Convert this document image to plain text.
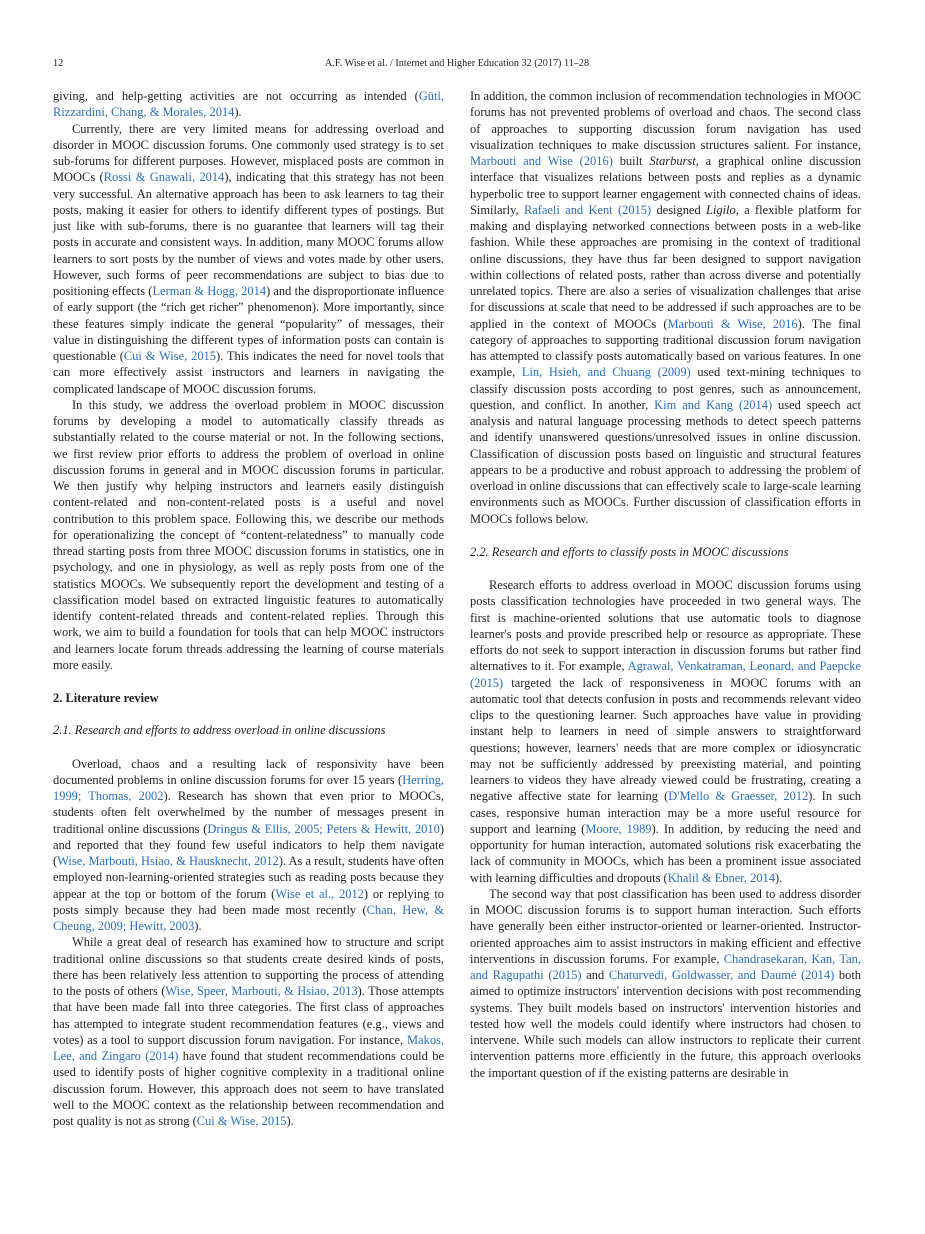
12	A.F. Wise et al. / Internet and Higher Education 32 (2017) 11–28

giving, and help-getting activities are not occurring as intended (Gütl, Rizzardini, Chang, & Morales, 2014).

Currently, there are very limited means for addressing overload and disorder in MOOC discussion forums. One commonly used strategy is to set sub-forums for different purposes. However, misplaced posts are common in MOOCs (Rossi & Gnawali, 2014), indicating that this strategy has not been very successful. An alternative approach has been to ask learners to tag their posts, making it easier for others to identify different types of postings. But just like with sub-forums, there is no guarantee that learners will tag their posts in accurate and consistent ways. In addition, many MOOC forums allow learners to sort posts by the number of views and votes made by other users. However, such forms of peer recommendations are subject to bias due to positioning effects (Lerman & Hogg, 2014) and the disproportionate influence of early support (the “rich get richer” phenomenon). More importantly, since these features simply indicate the general “popularity” of messages, their value in distinguishing the different types of information posts can contain is questionable (Cui & Wise, 2015). This indicates the need for novel tools that can more effectively assist instructors and learners in navigating the complicated landscape of MOOC discussion forums.

In this study, we address the overload problem in MOOC discussion forums by developing a model to automatically classify threads as substantially related to the course material or not. In the following sections, we first review prior efforts to address the problem of overload in online discussion forums in general and in MOOC discussion forums in particular. We then justify why helping instructors and learners easily distinguish content-related and non-content-related posts is a useful and novel contribution to this problem space. Following this, we describe our methods for operationalizing the concept of “content-relatedness” to manually code thread starting posts from three MOOC discussion forums in statistics, one in psychology, and one in physiology, as well as reply posts from one of the statistics MOOCs. We subsequently report the development and testing of a classification model based on extracted linguistic features to automatically identify content-related threads and content-related replies. Through this work, we aim to build a foundation for tools that can help MOOC instructors and learners locate forum threads addressing the learning of course materials more easily.

2. Literature review
2.1. Research and efforts to address overload in online discussions

Overload, chaos and a resulting lack of responsivity have been documented problems in online discussion forums for over 15 years (Herring, 1999; Thomas, 2002). Research has shown that even prior to MOOCs, students often felt overwhelmed by the number of messages present in traditional online discussions (Dringus & Ellis, 2005; Peters & Hewitt, 2010) and reported that they found few useful indicators to help them navigate (Wise, Marbouti, Hsiao, & Hausknecht, 2012). As a result, students have often employed non-learning-oriented strategies such as reading posts because they appear at the top or bottom of the forum (Wise et al., 2012) or replying to posts simply because they had been made most recently (Chan, Hew, & Cheung, 2009; Hewitt, 2003).

While a great deal of research has examined how to structure and script traditional online discussions so that students create desired kinds of posts, there has been relatively less attention to supporting the process of attending to the posts of others (Wise, Speer, Marbouti, & Hsiao, 2013). Those attempts that have been made fall into three categories. The first class of approaches has attempted to integrate student recommendation features (e.g., views and votes) as a tool to support discussion forum navigation. For instance, Makos, Lee, and Zingaro (2014) have found that student recommendations could be used to identify posts of higher cognitive complexity in a traditional online discussion forum. However, this approach does not seem to have translated well to the MOOC context as the relationship between recommendation and post quality is not as strong (Cui & Wise, 2015).

In addition, the common inclusion of recommendation technologies in MOOC forums has not prevented problems of overload and chaos. The second class of approaches to supporting discussion forum navigation has used visualization techniques to make discussion structures salient. For instance, Marbouti and Wise (2016) built Starburst, a graphical online discussion interface that visualizes relations between posts and replies as a dynamic hyperbolic tree to support learner engagement with connected chains of ideas. Similarly, Rafaeli and Kent (2015) designed Ligilo, a flexible platform for making and displaying networked connections between posts in a web-like fashion. While these approaches are promising in the context of traditional online discussions, they have thus far been designed to support navigation within collections of related posts, rather than across diverse and potentially unrelated topics. There are also a series of visualization challenges that arise for discussions at scale that need to be addressed if such approaches are to be applied in the context of MOOCs (Marbouti & Wise, 2016). The final category of approaches to supporting traditional discussion forum navigation has attempted to classify posts automatically based on various features. In one example, Lin, Hsieh, and Chuang (2009) used text-mining techniques to classify discussion posts according to post genres, such as announcement, question, and conflict. In another, Kim and Kang (2014) used speech act analysis and natural language processing methods to detect speech patterns and identify unanswered questions/unresolved issues in online discussion. Classification of discussion posts based on linguistic and structural features appears to be a productive and robust approach to addressing the problem of overload in online discussions that can effectively scale to large-scale learning environments such as MOOCs. Further discussion of classification efforts in MOOCs follows below.

2.2. Research and efforts to classify posts in MOOC discussions

Research efforts to address overload in MOOC discussion forums using posts classification technologies have proceeded in two general ways. The first is machine-oriented solutions that use automatic tools to diagnose learner's posts and provide prescribed help or resource as appropriate. These efforts do not seek to support interaction in discussion forums but rather find alternatives to it. For example, Agrawal, Venkatraman, Leonard, and Paepcke (2015) targeted the lack of responsiveness in MOOC forums with an automatic tool that detects confusion in posts and recommends relevant video clips to the questioning learner. Such approaches have value in providing instant help to learners in need of simple answers to straightforward questions; however, learners' needs that are more complex or idiosyncratic may not be sufficiently addressed by preexisting material, and pointing learners to videos they have already viewed could be frustrating, creating a negative affective state for learning (D'Mello & Graesser, 2012). In such cases, responsive human interaction may be a more useful resource for support and learning (Moore, 1989). In addition, by reducing the need and opportunity for human interaction, automated solutions risk exacerbating the lack of community in MOOCs, which has been a prominent issue associated with learning difficulties and dropouts (Khalil & Ebner, 2014).

The second way that post classification has been used to address disorder in MOOC discussion forums is to support human interaction. Such efforts have generally been either instructor-oriented or learner-oriented. Instructor-oriented approaches aim to assist instructors in making efficient and effective interventions in discussion forums. For example, Chandrasekaran, Kan, Tan, and Ragupathi (2015) and Chaturvedi, Goldwasser, and Daumé (2014) both aimed to optimize instructors' intervention decisions with post recommending systems. They built models based on instructors' intervention histories and tested how well the models could identify where instructors had chosen to intervene. While such models can allow instructors to replicate their current intervention patterns more efficiently in the future, this approach overlooks the important question of if the existing patterns are desirable in
